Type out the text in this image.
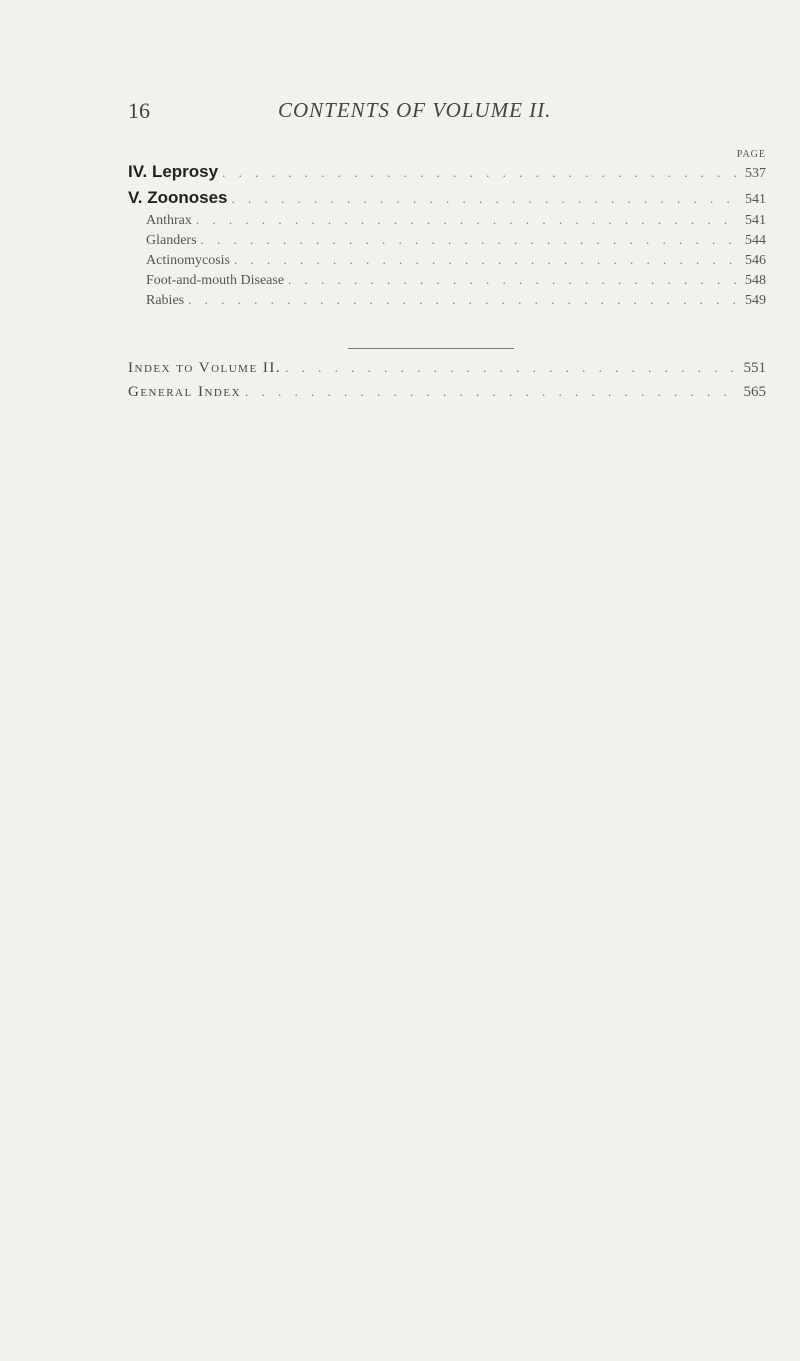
16	CONTENTS OF VOLUME II.
PAGE
IV. Leprosy . . .	537
V. Zoonoses . . .	541
Anthrax . . .	541
Glanders . . .	544
Actinomycosis . . .	546
Foot-and-mouth Disease . . .	548
Rabies . . .	549
Index to Volume II. . . .	551
General Index . . .	565
